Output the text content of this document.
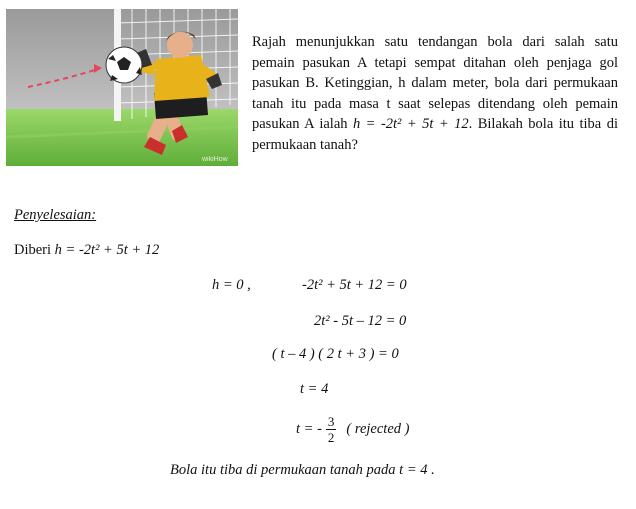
wikiHow

Rajah menunjukkan satu tendangan bola dari salah satu pemain pasukan A tetapi sempat ditahan oleh penjaga gol pasukan B. Ketinggian, h dalam meter, bola dari permukaan tanah itu pada masa t saat selepas ditendang oleh pemain pasukan A ialah h = -2t² + 5t + 12. Bilakah bola itu tiba di permukaan tanah?

Penyelesaian:
Diberi h = -2t² + 5t + 12
h = 0 ,	-2t² + 5t + 12 = 0
2t² - 5t – 12 = 0
( t – 4 ) ( 2 t + 3 ) = 0
t = 4
t = - $\frac{3}{2}$ ( rejected )
Bola itu tiba di permukaan tanah pada t = 4 .
